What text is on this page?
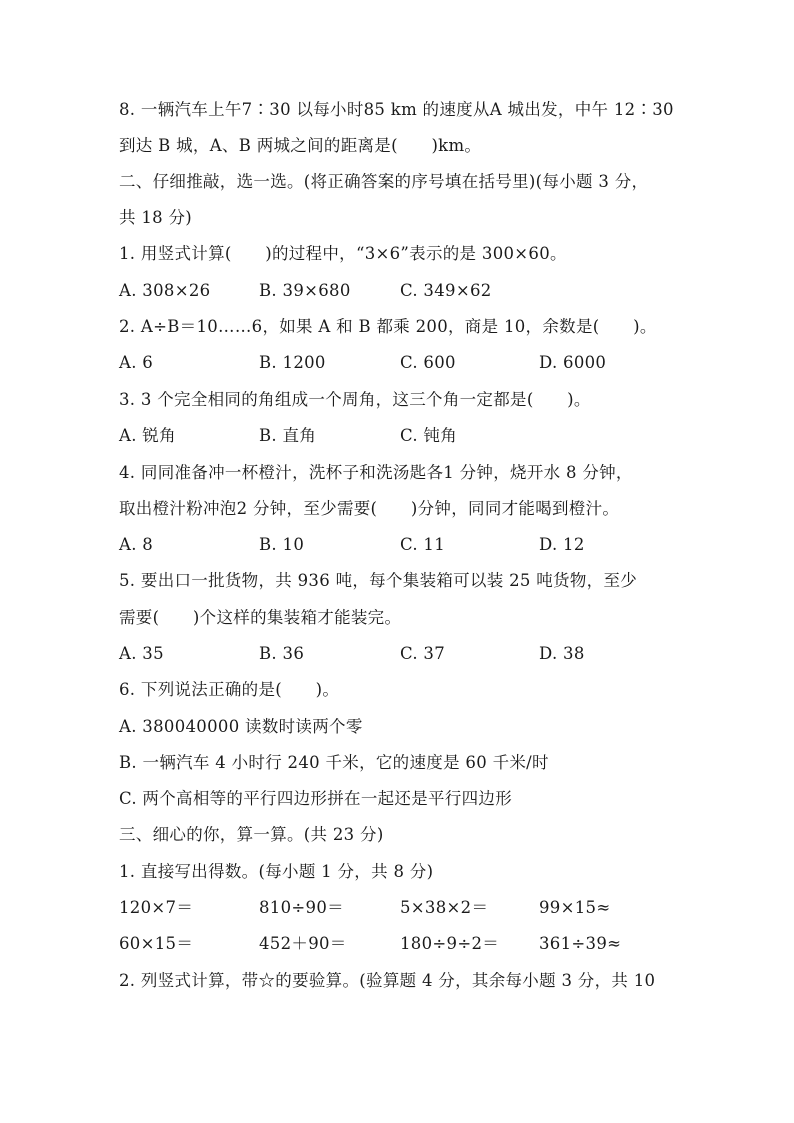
8. 一辆汽车上午7∶30 以每小时85 km 的速度从A 城出发，中午 12∶30
到达 B 城，A、B 两城之间的距离是(　　)km。
二、仔细推敲，选一选。(将正确答案的序号填在括号里)(每小题 3 分，
共 18 分)
1. 用竖式计算(　　)的过程中，“3×6”表示的是 300×60。
A. 308×26	B. 39×680	C. 349×62
2. A÷B＝10……6，如果 A 和 B 都乘 200，商是 10，余数是(　　)。
A. 6	B. 1200	C. 600	D. 6000
3. 3 个完全相同的角组成一个周角，这三个角一定都是(　　)。
A. 锐角	B. 直角	C. 钝角
4. 同同准备冲一杯橙汁，洗杯子和洗汤匙各1 分钟，烧开水 8 分钟，
取出橙汁粉冲泡2 分钟，至少需要(　　)分钟，同同才能喝到橙汁。
A. 8	B. 10	C. 11	D. 12
5. 要出口一批货物，共 936 吨，每个集装箱可以装 25 吨货物，至少
需要(　　)个这样的集装箱才能装完。
A. 35	B. 36	C. 37	D. 38
6. 下列说法正确的是(　　)。
A. 380040000 读数时读两个零
B. 一辆汽车 4 小时行 240 千米，它的速度是 60 千米/时
C. 两个高相等的平行四边形拼在一起还是平行四边形
三、细心的你，算一算。(共 23 分)
1. 直接写出得数。(每小题 1 分，共 8 分)
120×7＝	810÷90＝	5×38×2＝	99×15≈
60×15＝	452＋90＝	180÷9÷2＝ 361÷39≈
2. 列竖式计算，带☆的要验算。(验算题 4 分，其余每小题 3 分，共 10
